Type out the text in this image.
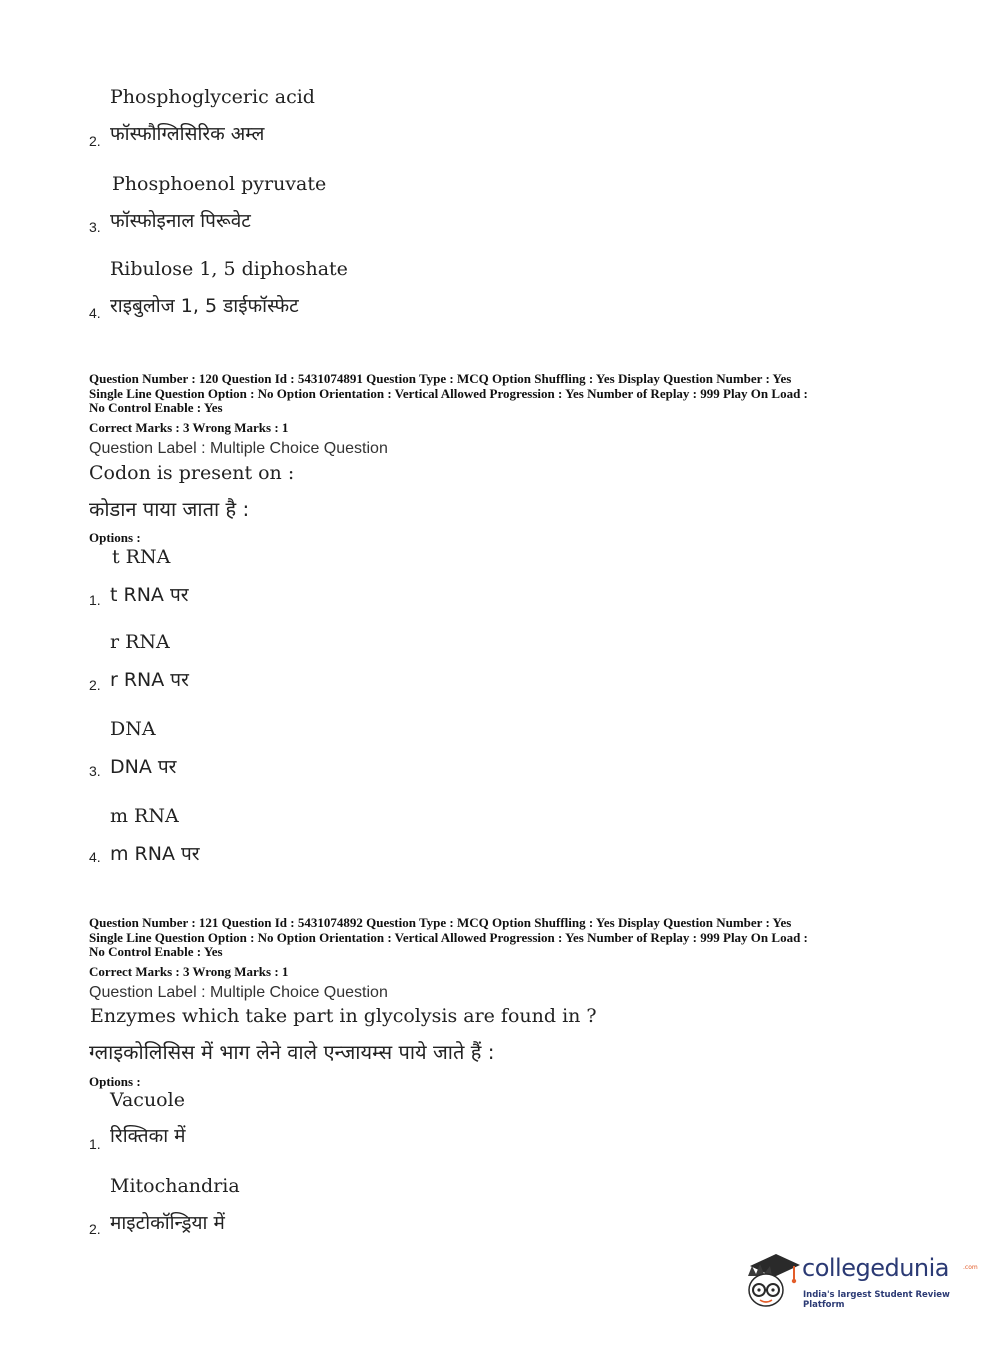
Phosphoglyceric acid
2. फॉस्फौग्लिसिरिक अम्ल
Phosphoenol pyruvate
3. फॉस्फोइनाल पिरूवेट
Ribulose 1, 5 diphoshate
4. राइबुलोज 1, 5 डाईफॉस्फेट
Question Number : 120 Question Id : 5431074891 Question Type : MCQ Option Shuffling : Yes Display Question Number : Yes
Single Line Question Option : No Option Orientation : Vertical Allowed Progression : Yes Number of Replay : 999 Play On Load :
No Control Enable : Yes
Correct Marks : 3 Wrong Marks : 1
Question Label : Multiple Choice Question
Codon is present on :
कोडान पाया जाता है :
Options :
t RNA
1. t RNA पर
r RNA
2. r RNA पर
DNA
3. DNA पर
m RNA
4. m RNA पर
Question Number : 121 Question Id : 5431074892 Question Type : MCQ Option Shuffling : Yes Display Question Number : Yes
Single Line Question Option : No Option Orientation : Vertical Allowed Progression : Yes Number of Replay : 999 Play On Load :
No Control Enable : Yes
Correct Marks : 3 Wrong Marks : 1
Question Label : Multiple Choice Question
Enzymes which take part in glycolysis are found in ?
ग्लाइकोलिसिस में भाग लेने वाले एन्जायम्स पाये जाते हैं :
Options :
Vacuole
1. रिक्तिका में
Mitochandria
2. माइटोकॉन्ड्रिया में
collegedunia .com
India's largest Student Review Platform
